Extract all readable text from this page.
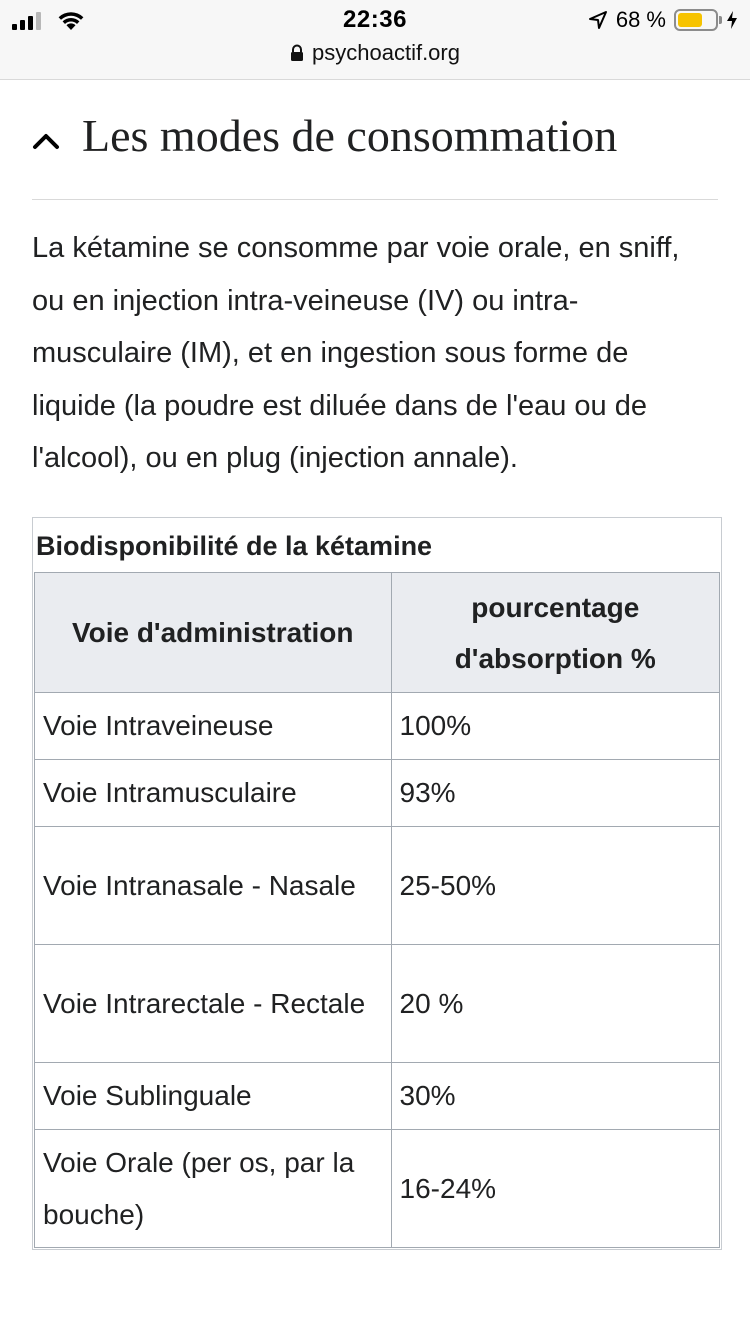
22:36
psychoactif.org
68 %
Les modes de consommation

La kétamine se consomme par voie orale, en sniff, ou en injection intra-veineuse (IV) ou intra-musculaire (IM), et en ingestion sous forme de liquide (la poudre est diluée dans de l'eau ou de l'alcool), ou en plug (injection annale).

Biodisponibilité de la kétamine
Voie d'administration	pourcentage
d'absorption %
Voie Intraveineuse	100%
Voie Intramusculaire	93%
Voie Intranasale - Nasale	25-50%
Voie Intrarectale - Rectale	20 %
Voie Sublinguale	30%
Voie Orale (per os, par la bouche)	16-24%
